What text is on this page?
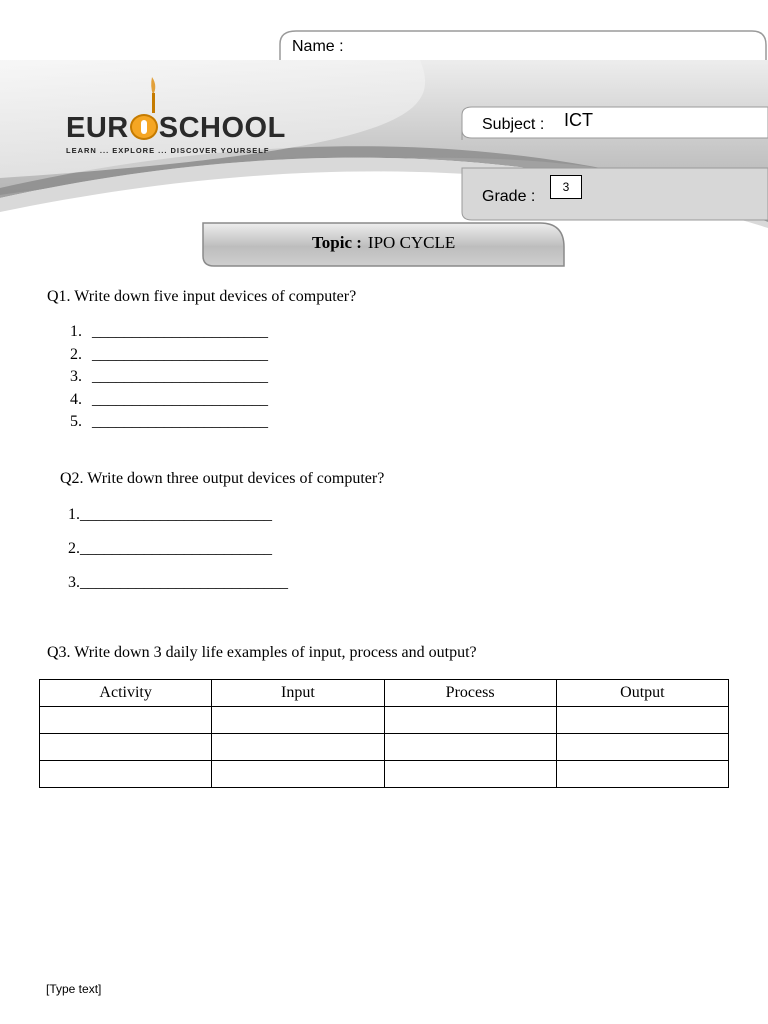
Name :
EUR SCHOOL
LEARN ... EXPLORE ... DISCOVER YOURSELF
Subject : ICT
Grade :
3
Topic : IPO CYCLE
Q1. Write down five input devices of computer?
1. ______________________
2. ______________________
3. ______________________
4. ______________________
5. ______________________
Q2. Write down three output devices of computer?
1.________________________
2.________________________
3.__________________________
Q3. Write down 3 daily life examples of input, process and output?
Activity	Input	Process	Output

[Type text]
